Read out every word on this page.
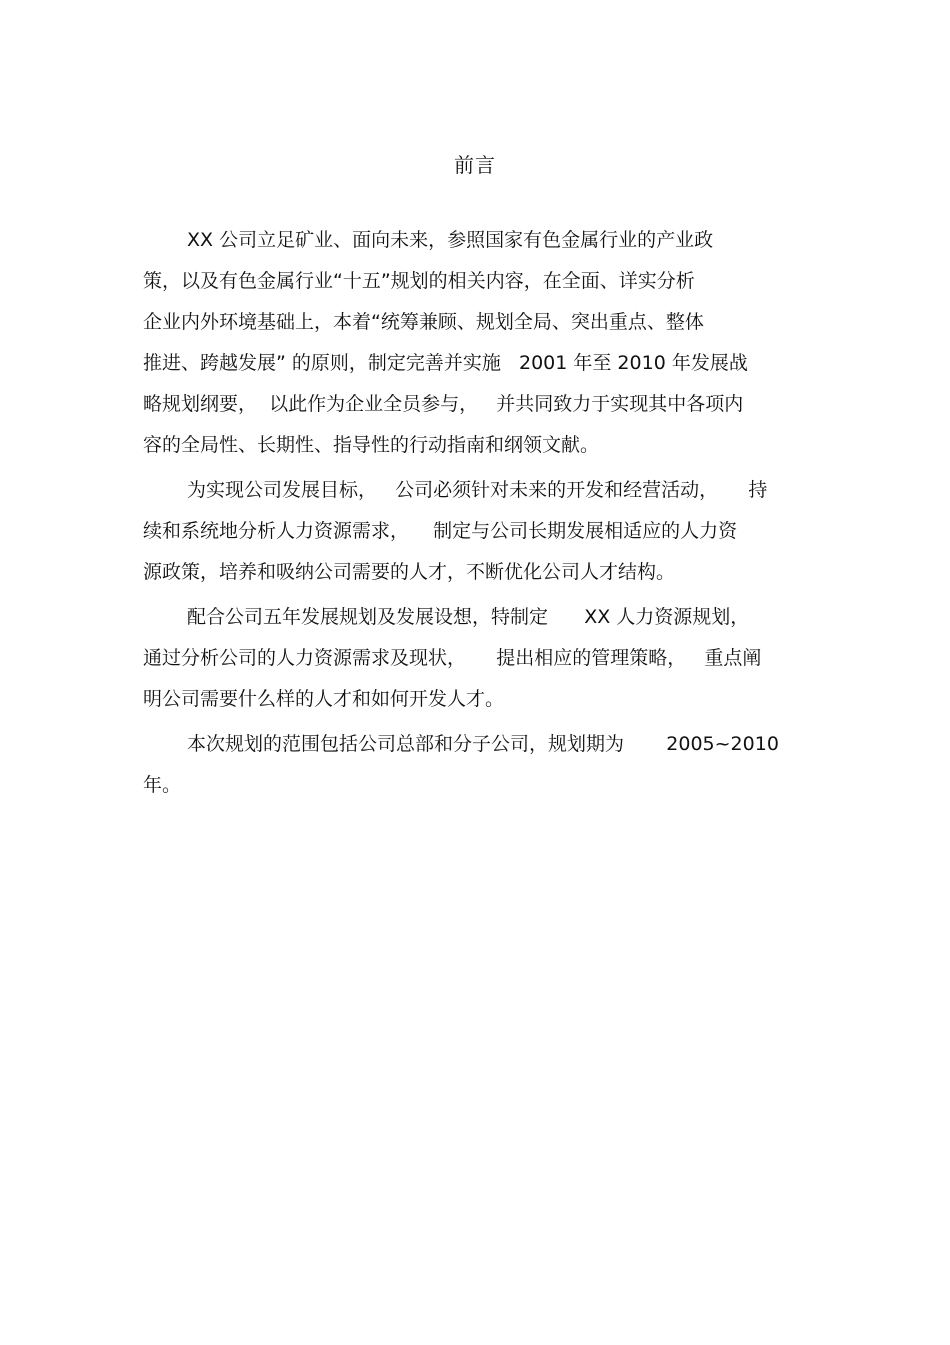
前言
XX 公司立足矿业、面向未来，参照国家有色金属行业的产业政
策，以及有色金属行业“十五”规划的相关内容，在全面、详实分析
企业内外环境基础上，本着“统筹兼顾、规划全局、突出重点、整体
推进、跨越发展” 的原则，制定完善并实施   2001 年至 2010 年发展战
略规划纲要，  以此作为企业全员参与，   并共同致力于实现其中各项内
容的全局性、长期性、指导性的行动指南和纲领文献。
为实现公司发展目标，   公司必须针对未来的开发和经营活动，     持
续和系统地分析人力资源需求，    制定与公司长期发展相适应的人力资
源政策，培养和吸纳公司需要的人才，不断优化公司人才结构。
配合公司五年发展规划及发展设想，特制定      XX 人力资源规划，
通过分析公司的人力资源需求及现状，     提出相应的管理策略，   重点阐
明公司需要什么样的人才和如何开发人才。
本次规划的范围包括公司总部和分子公司，规划期为       2005~2010
年。
